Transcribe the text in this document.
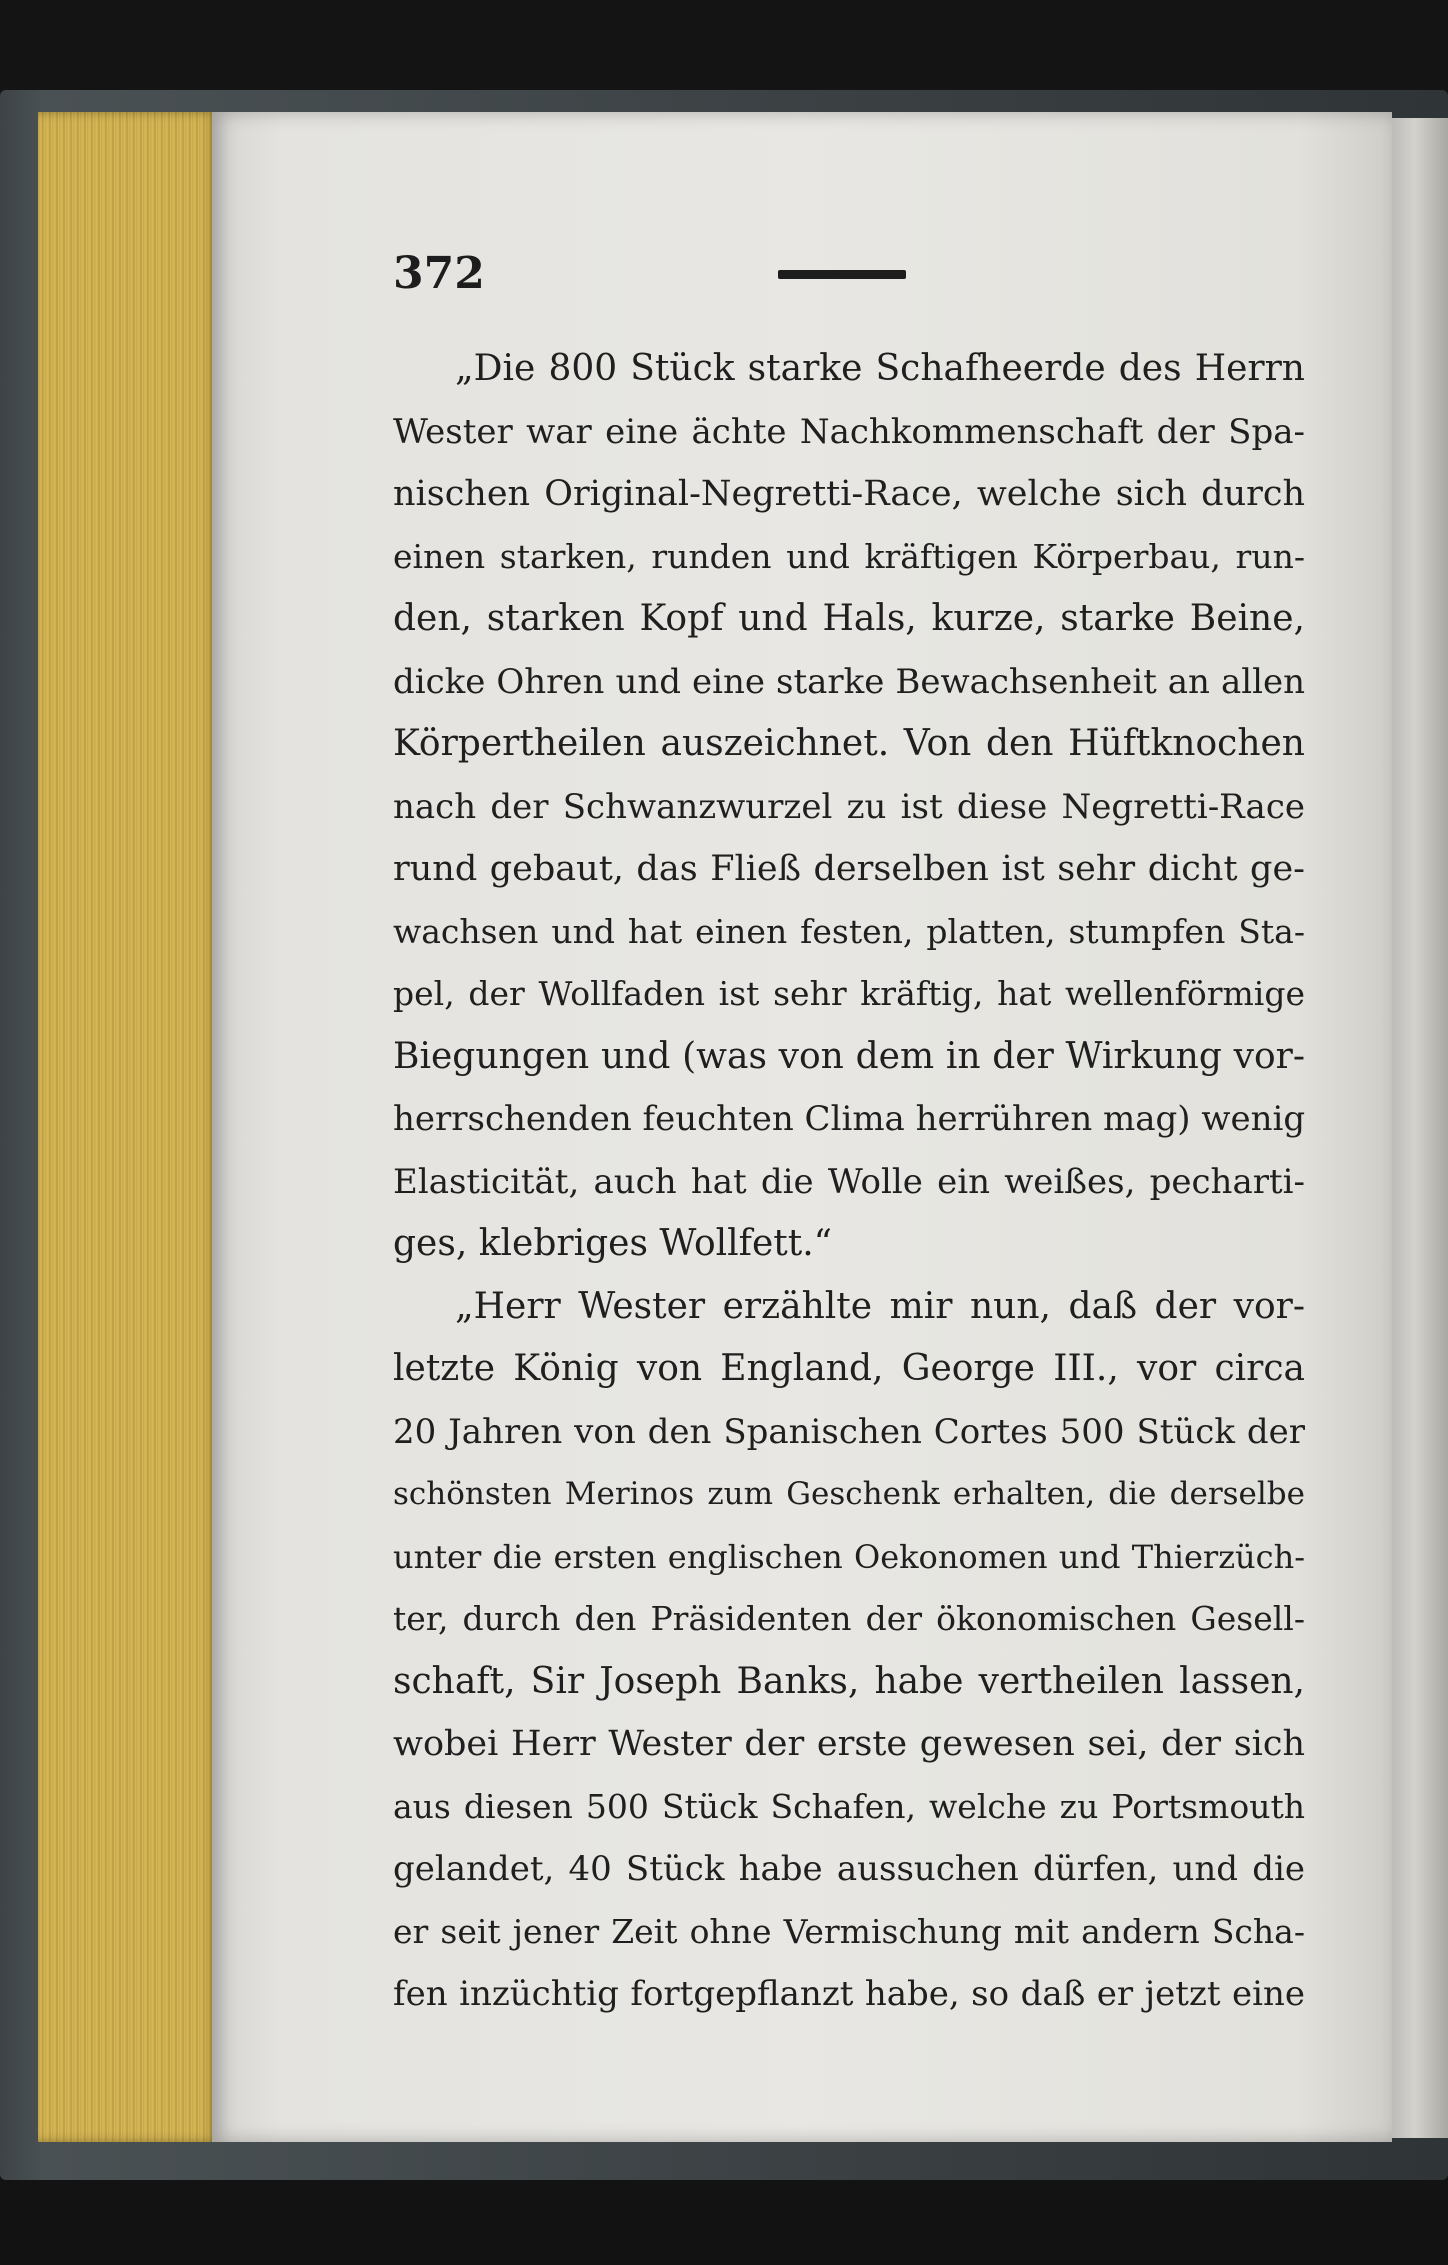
372
„Die 800 Stück starke Schafheerde des Herrn
Wester war eine ächte Nachkommenschaft der Spa-
nischen Original-Negretti-Race, welche sich durch
einen starken, runden und kräftigen Körperbau, run-
den, starken Kopf und Hals, kurze, starke Beine,
dicke Ohren und eine starke Bewachsenheit an allen
Körpertheilen auszeichnet. Von den Hüftknochen
nach der Schwanzwurzel zu ist diese Negretti-Race
rund gebaut, das Fließ derselben ist sehr dicht ge-
wachsen und hat einen festen, platten, stumpfen Sta-
pel, der Wollfaden ist sehr kräftig, hat wellenförmige
Biegungen und (was von dem in der Wirkung vor-
herrschenden feuchten Clima herrühren mag) wenig
Elasticität, auch hat die Wolle ein weißes, pecharti-
ges, klebriges Wollfett.“
„Herr Wester erzählte mir nun, daß der vor-
letzte König von England, George III., vor circa
20 Jahren von den Spanischen Cortes 500 Stück der
schönsten Merinos zum Geschenk erhalten, die derselbe
unter die ersten englischen Oekonomen und Thierzüch-
ter, durch den Präsidenten der ökonomischen Gesell-
schaft, Sir Joseph Banks, habe vertheilen lassen,
wobei Herr Wester der erste gewesen sei, der sich
aus diesen 500 Stück Schafen, welche zu Portsmouth
gelandet, 40 Stück habe aussuchen dürfen, und die
er seit jener Zeit ohne Vermischung mit andern Scha-
fen inzüchtig fortgepflanzt habe, so daß er jetzt eine
